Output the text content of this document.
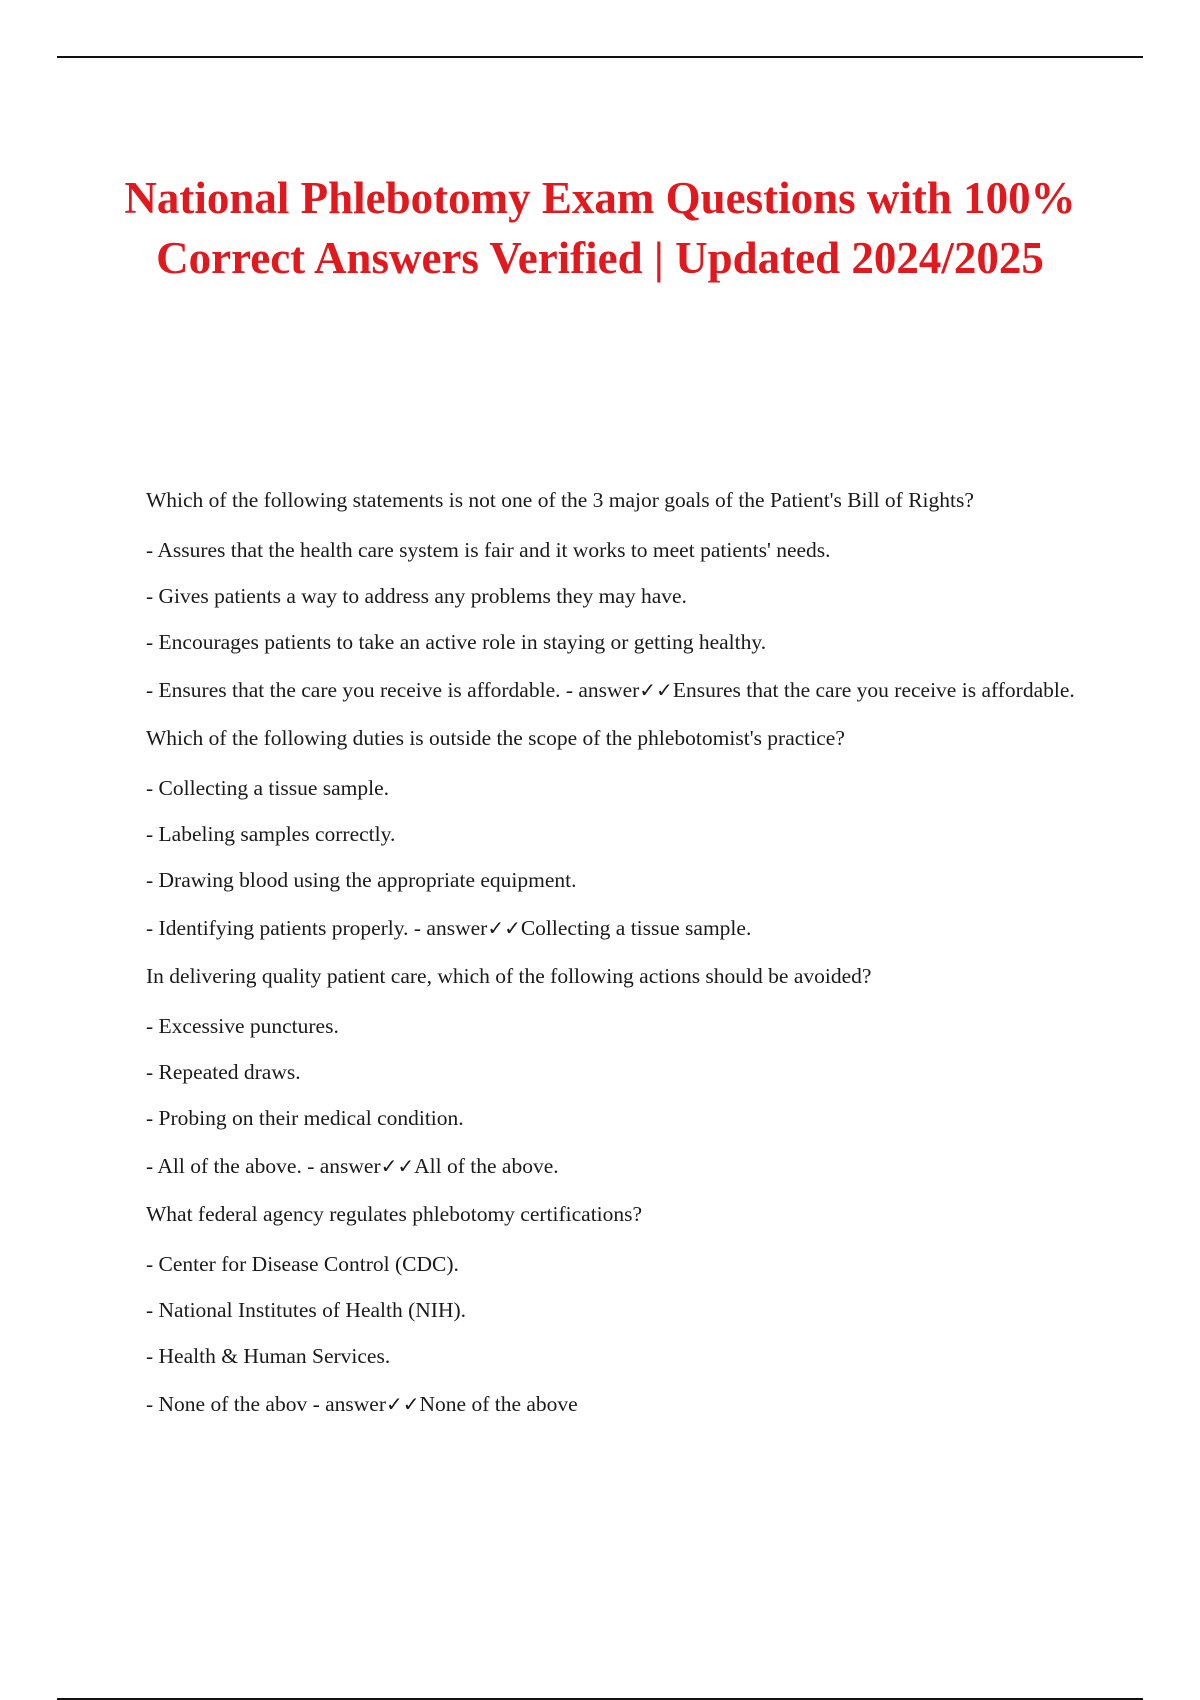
National Phlebotomy Exam Questions with 100% Correct Answers Verified | Updated 2024/2025

Which of the following statements is not one of the 3 major goals of the Patient's Bill of Rights?

- Assures that the health care system is fair and it works to meet patients' needs.

- Gives patients a way to address any problems they may have.

- Encourages patients to take an active role in staying or getting healthy.

- Ensures that the care you receive is affordable. - answer✓✓Ensures that the care you receive is affordable.

Which of the following duties is outside the scope of the phlebotomist's practice?

- Collecting a tissue sample.

- Labeling samples correctly.

- Drawing blood using the appropriate equipment.

- Identifying patients properly. - answer✓✓Collecting a tissue sample.

In delivering quality patient care, which of the following actions should be avoided?

- Excessive punctures.

- Repeated draws.

- Probing on their medical condition.

- All of the above. - answer✓✓All of the above.

What federal agency regulates phlebotomy certifications?

- Center for Disease Control (CDC).

- National Institutes of Health (NIH).

- Health & Human Services.

- None of the abov - answer✓✓None of the above
